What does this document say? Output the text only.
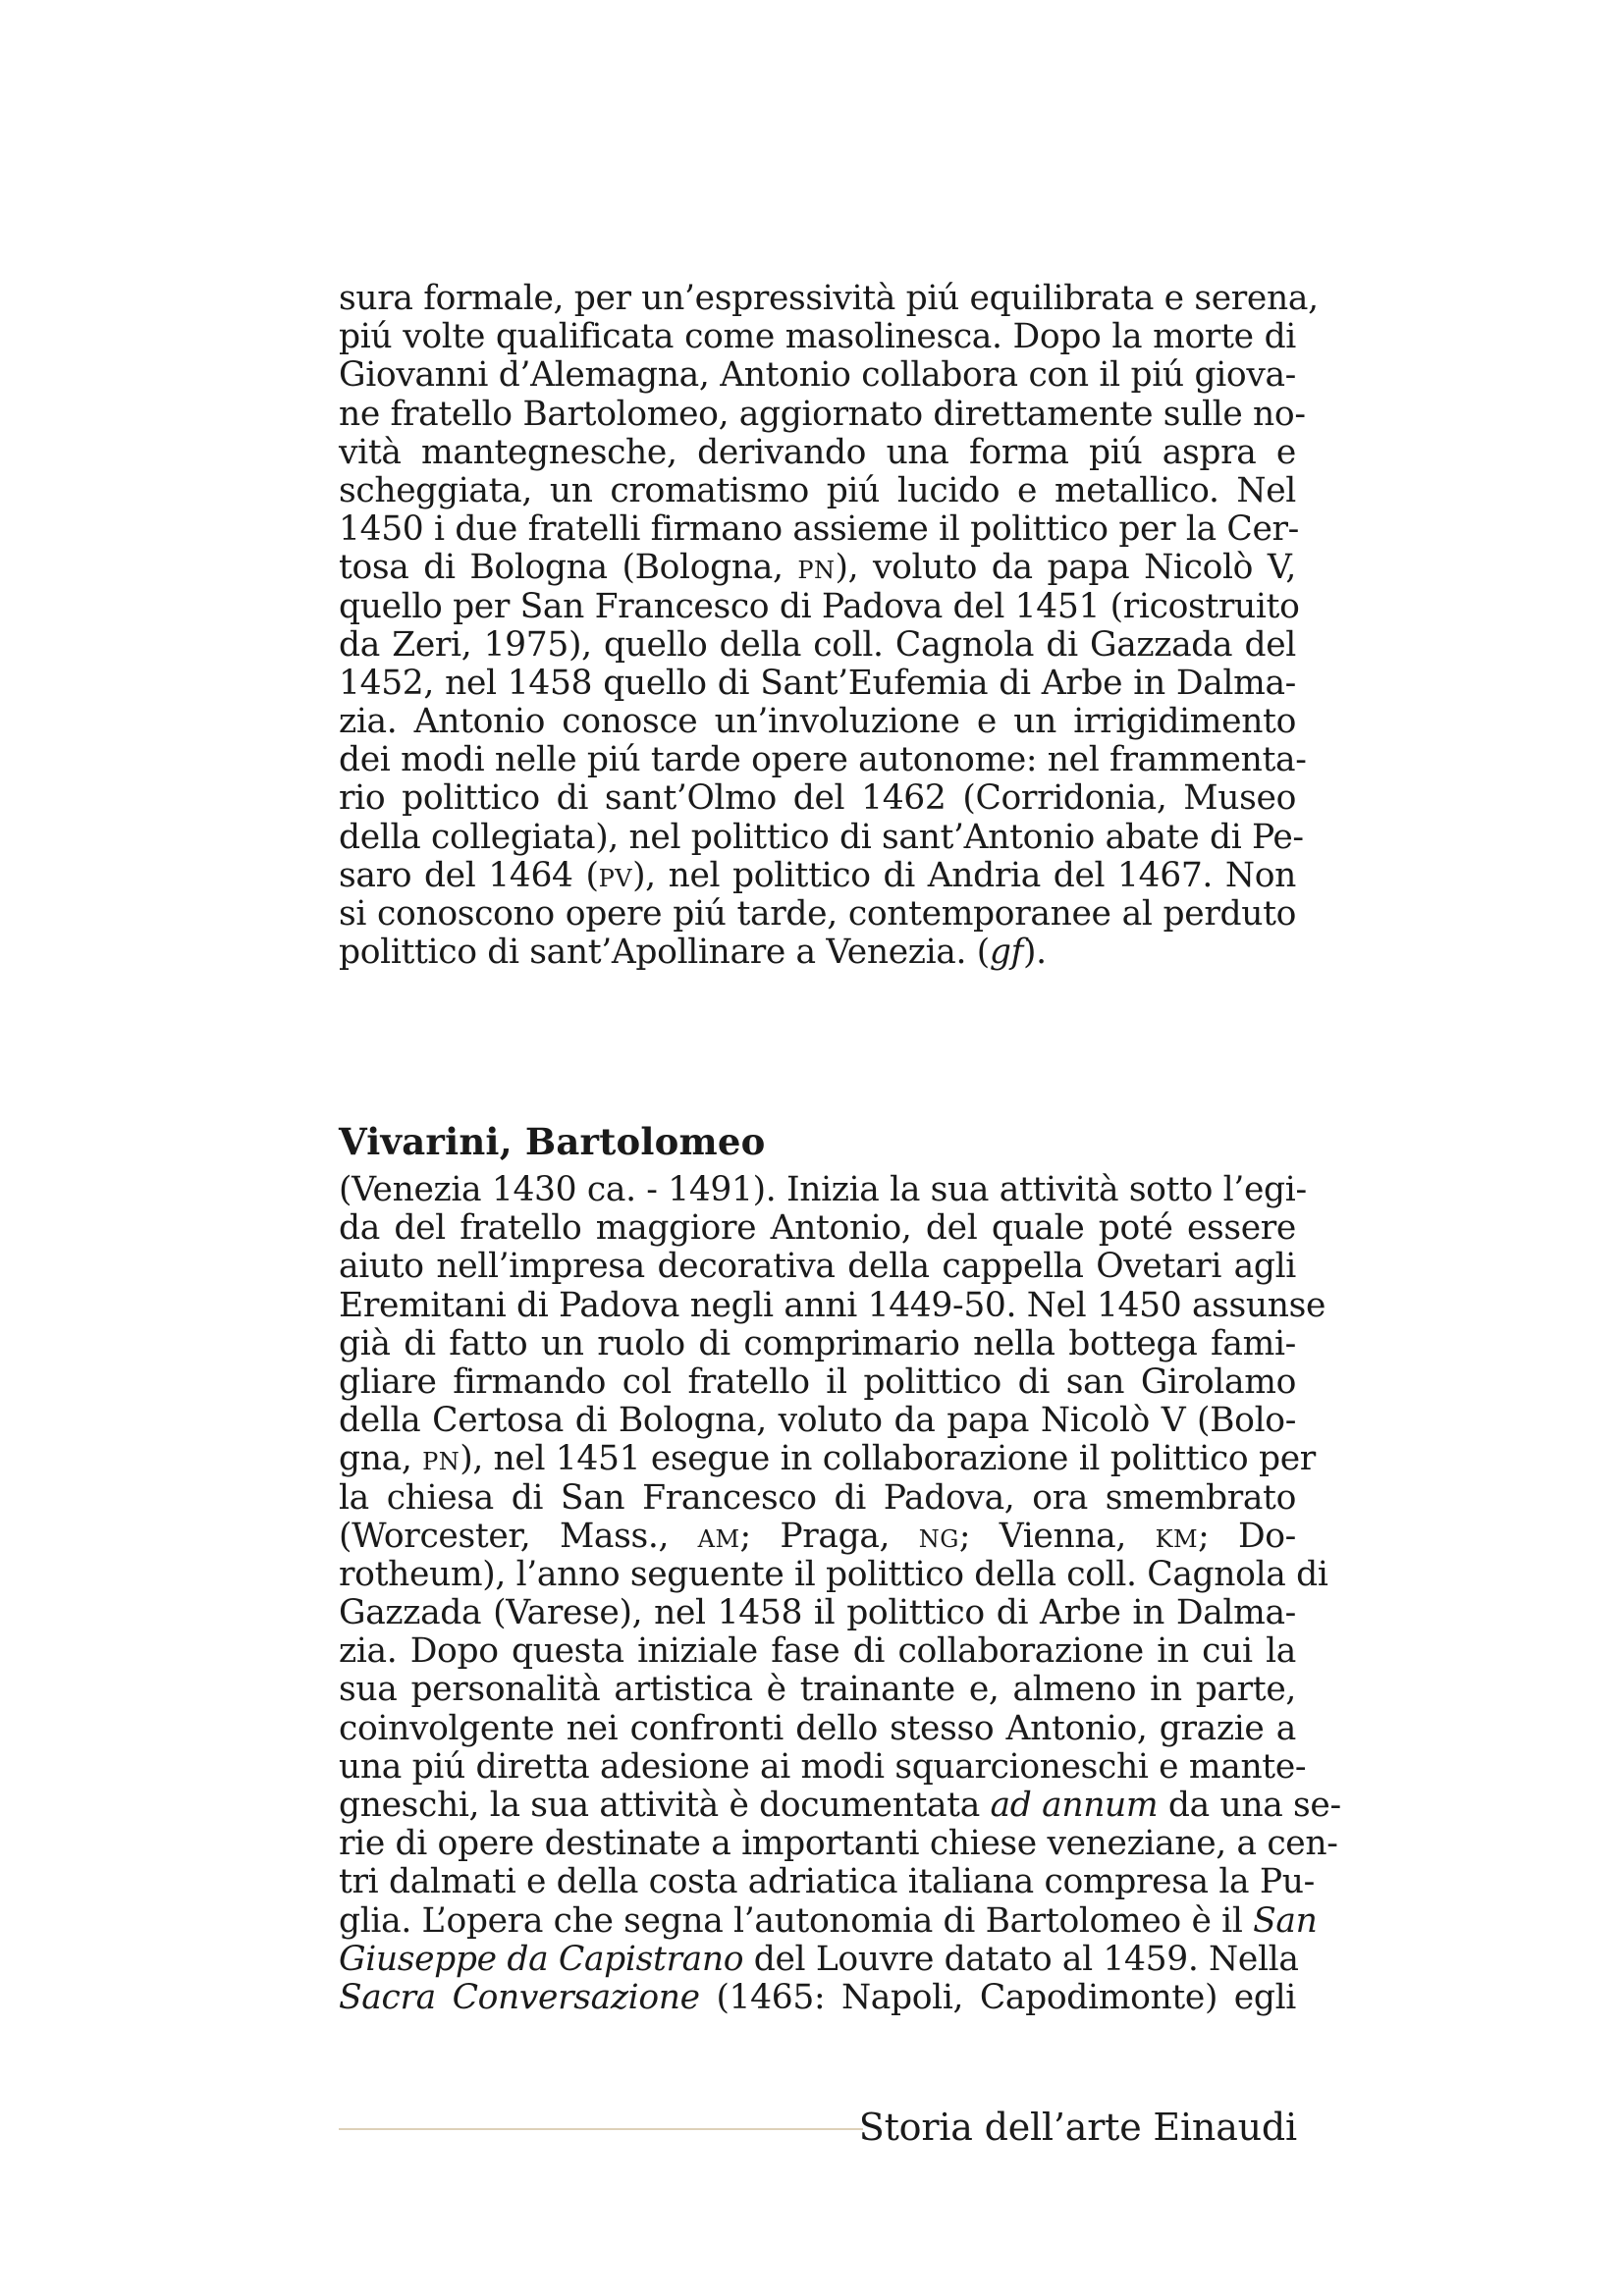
sura formale, per un’espressività piú equilibrata e serena,
piú volte qualificata come masolinesca. Dopo la morte di
Giovanni d’Alemagna, Antonio collabora con il piú giova-
ne fratello Bartolomeo, aggiornato direttamente sulle no-
vità mantegnesche, derivando una forma piú aspra e
scheggiata, un cromatismo piú lucido e metallico. Nel
1450 i due fratelli firmano assieme il polittico per la Cer-
tosa di Bologna (Bologna, PN), voluto da papa Nicolò V,
quello per San Francesco di Padova del 1451 (ricostruito
da Zeri, 1975), quello della coll. Cagnola di Gazzada del
1452, nel 1458 quello di Sant’Eufemia di Arbe in Dalma-
zia. Antonio conosce un’involuzione e un irrigidimento
dei modi nelle piú tarde opere autonome: nel frammenta-
rio polittico di sant’Olmo del 1462 (Corridonia, Museo
della collegiata), nel polittico di sant’Antonio abate di Pe-
saro del 1464 (PV), nel polittico di Andria del 1467. Non
si conoscono opere piú tarde, contemporanee al perduto
polittico di sant’Apollinare a Venezia. (gf).
Vivarini, Bartolomeo
(Venezia 1430 ca. - 1491). Inizia la sua attività sotto l’egi-
da del fratello maggiore Antonio, del quale poté essere
aiuto nell’impresa decorativa della cappella Ovetari agli
Eremitani di Padova negli anni 1449-50. Nel 1450 assunse
già di fatto un ruolo di comprimario nella bottega fami-
gliare firmando col fratello il polittico di san Girolamo
della Certosa di Bologna, voluto da papa Nicolò V (Bolo-
gna, PN), nel 1451 esegue in collaborazione il polittico per
la chiesa di San Francesco di Padova, ora smembrato
(Worcester, Mass., AM; Praga, NG; Vienna, KM; Do-
rotheum), l’anno seguente il polittico della coll. Cagnola di
Gazzada (Varese), nel 1458 il polittico di Arbe in Dalma-
zia. Dopo questa iniziale fase di collaborazione in cui la
sua personalità artistica è trainante e, almeno in parte,
coinvolgente nei confronti dello stesso Antonio, grazie a
una piú diretta adesione ai modi squarcioneschi e mante-
gneschi, la sua attività è documentata ad annum da una se-
rie di opere destinate a importanti chiese veneziane, a cen-
tri dalmati e della costa adriatica italiana compresa la Pu-
glia. L’opera che segna l’autonomia di Bartolomeo è il San
Giuseppe da Capistrano del Louvre datato al 1459. Nella
Sacra Conversazione (1465: Napoli, Capodimonte) egli
Storia dell’arte Einaudi
